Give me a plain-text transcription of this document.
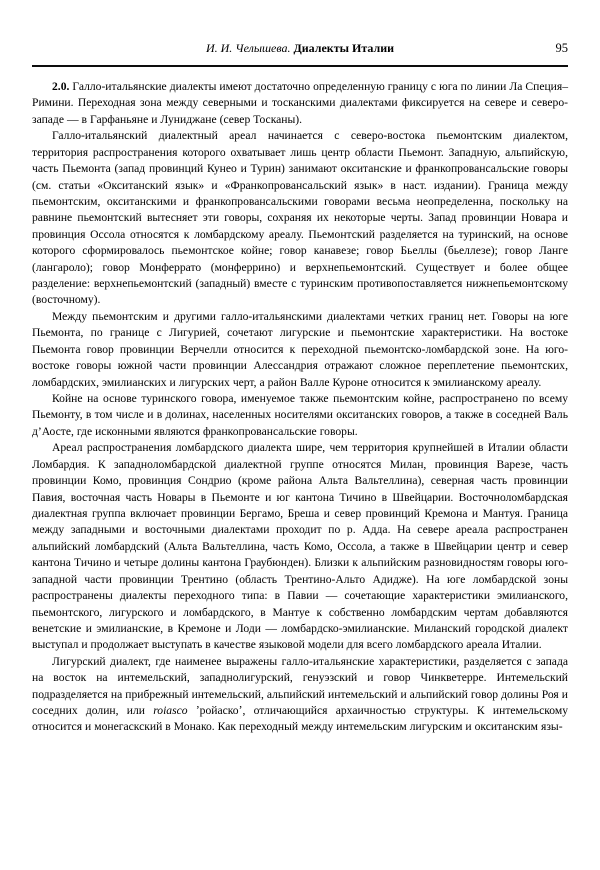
И. И. Челышева. Диалекты Италии	95

2.0. Галло-итальянские диалекты имеют достаточно определенную границу с юга по линии Ла Специя–Римини. Переходная зона между северными и тосканскими диалектами фиксируется на севере и северо-западе — в Гарфаньяне и Луниджане (север Тосканы).

Галло-итальянский диалектный ареал начинается с северо-востока пьемонтским диалектом, территория распространения которого охватывает лишь центр области Пьемонт. Западную, альпийскую, часть Пьемонта (запад провинций Кунео и Турин) занимают окситанские и франкопровансальские говоры (см. статьи «Окситанский язык» и «Франкопровансальский язык» в наст. издании). Граница между пьемонтским, окситанскими и франкопровансальскими говорами весьма неопределенна, поскольку на равнине пьемонтский вытесняет эти говоры, сохраняя их некоторые черты. Запад провинции Новара и провинция Оссола относятся к ломбардскому ареалу. Пьемонтский разделяется на туринский, на основе которого сформировалось пьемонтское койне; говор канавезе; говор Бьеллы (бьеллезе); говор Ланге (лангароло); говор Монферрато (монферрино) и верхнепьемонтский. Существует и более общее разделение: верхнепьемонтский (западный) вместе с туринским противопоставляется нижнепьемонтскому (восточному).

Между пьемонтским и другими галло-итальянскими диалектами четких границ нет. Говоры на юге Пьемонта, по границе с Лигурией, сочетают лигурские и пьемонтские характеристики. На востоке Пьемонта говор провинции Верчелли относится к переходной пьемонтско-ломбардской зоне. На юго-востоке говоры южной части провинции Алессандрия отражают сложное переплетение пьемонтских, ломбардских, эмилианских и лигурских черт, а район Валле Куроне относится к эмилианскому ареалу.

Койне на основе туринского говора, именуемое также пьемонтским койне, распространено по всему Пьемонту, в том числе и в долинах, населенных носителями окситанских говоров, а также в соседней Валь д’Аосте, где исконными являются франкопровансальские говоры.

Ареал распространения ломбардского диалекта шире, чем территория крупнейшей в Италии области Ломбардия. К западноломбардской диалектной группе относятся Милан, провинция Варезе, часть провинции Комо, провинция Сондрио (кроме района Альта Вальтеллина), северная часть провинции Павия, восточная часть Новары в Пьемонте и юг кантона Тичино в Швейцарии. Восточноломбардская диалектная группа включает провинции Бергамо, Бреша и север провинций Кремона и Мантуя. Граница между западными и восточными диалектами проходит по р. Адда. На севере ареала распространен альпийский ломбардский (Альта Вальтеллина, часть Комо, Оссола, а также в Швейцарии центр и север кантона Тичино и четыре долины кантона Граубюнден). Близки к альпийским разновидностям говоры юго-западной части провинции Трентино (область Трентино-Альто Адидже). На юге ломбардской зоны распространены диалекты переходного типа: в Павии — сочетающие характеристики эмилианского, пьемонтского, лигурского и ломбардского, в Мантуе к собственно ломбардским чертам добавляются венетские и эмилианские, в Кремоне и Лоди — ломбардско-эмилианские. Миланский городской диалект выступал и продолжает выступать в качестве языковой модели для всего ломбардского ареала Италии.

Лигурский диалект, где наименее выражены галло-итальянские характеристики, разделяется с запада на восток на интемельский, западнолигурский, генуэзский и говор Чинкветерре. Интемельский подразделяется на прибрежный интемельский, альпийский интемельский и альпийский говор долины Роя и соседних долин, или roiasco ʼройаскоʼ, отличающийся архаичностью структуры. К интемельскому относится и монегаскский в Монако. Как переходный между интемельским лигурским и окситанским язы-
